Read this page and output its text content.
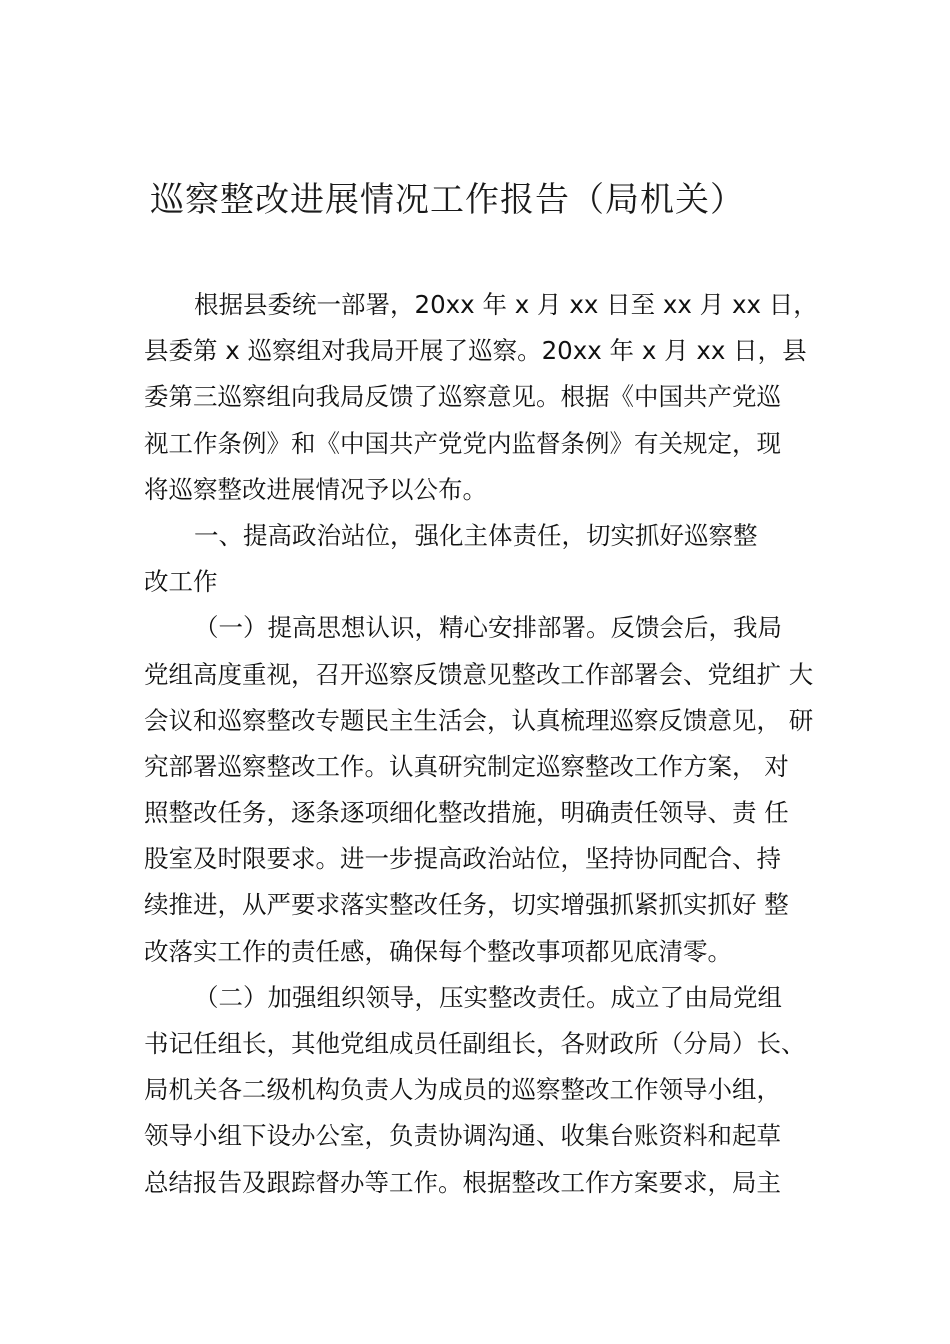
巡察整改进展情况工作报告（局机关）
根据县委统一部署，20xx 年 x 月 xx 日至 xx 月 xx 日，
县委第 x 巡察组对我局开展了巡察。20xx 年 x 月 xx 日，县
委第三巡察组向我局反馈了巡察意见。根据《中国共产党巡
视工作条例》和《中国共产党党内监督条例》有关规定，现
将巡察整改进展情况予以公布。
一、提高政治站位，强化主体责任，切实抓好巡察整
改工作
（一）提高思想认识，精心安排部署。反馈会后，我局
党组高度重视，召开巡察反馈意见整改工作部署会、党组扩 大
会议和巡察整改专题民主生活会，认真梳理巡察反馈意见， 研
究部署巡察整改工作。认真研究制定巡察整改工作方案， 对
照整改任务，逐条逐项细化整改措施，明确责任领导、责 任
股室及时限要求。进一步提高政治站位，坚持协同配合、持
续推进，从严要求落实整改任务，切实增强抓紧抓实抓好 整
改落实工作的责任感，确保每个整改事项都见底清零。
（二）加强组织领导，压实整改责任。成立了由局党组
书记任组长，其他党组成员任副组长，各财政所（分局）长、
局机关各二级机构负责人为成员的巡察整改工作领导小组，
领导小组下设办公室，负责协调沟通、收集台账资料和起草
总结报告及跟踪督办等工作。根据整改工作方案要求，局主
